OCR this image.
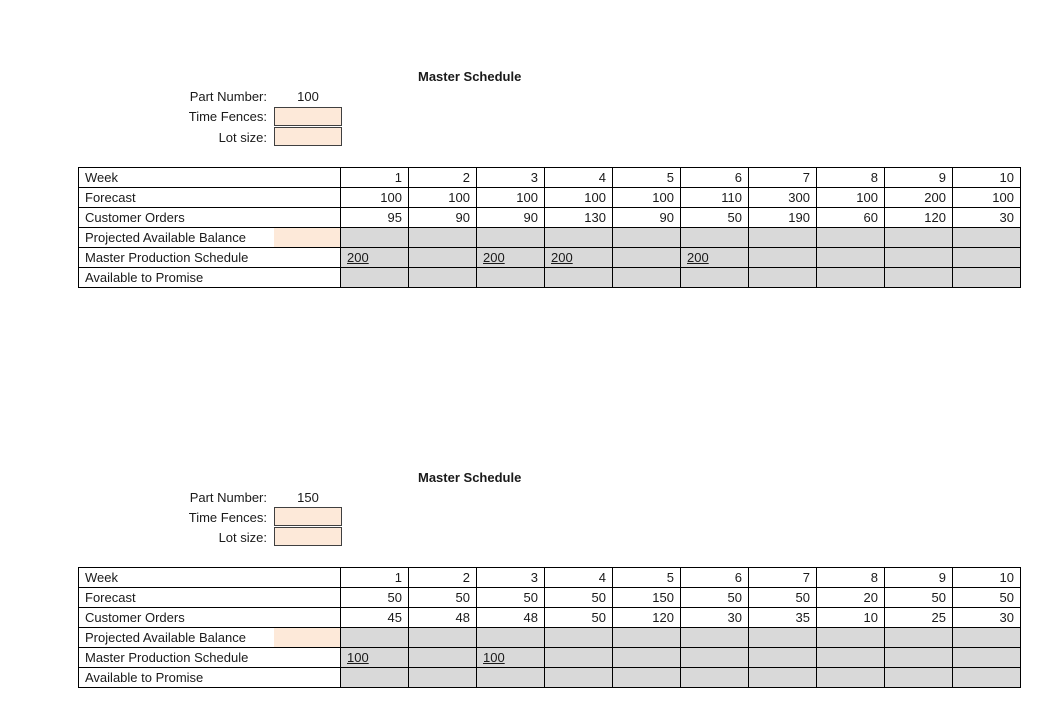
Master Schedule
Part Number:	100
Time Fences:
Lot size:
Week		1	2	3	4	5	6	7	8	9	10
Forecast		100	100	100	100	100	110	300	100	200	100
Customer Orders		95	90	90	130	90	50	190	60	120	30
Projected Available Balance											
Master Production Schedule		200		200	200		200				
Available to Promise											
Master Schedule
Part Number:	150
Time Fences:
Lot size:
Week		1	2	3	4	5	6	7	8	9	10
Forecast		50	50	50	50	150	50	50	20	50	50
Customer Orders		45	48	48	50	120	30	35	10	25	30
Projected Available Balance											
Master Production Schedule		100		100							
Available to Promise											
